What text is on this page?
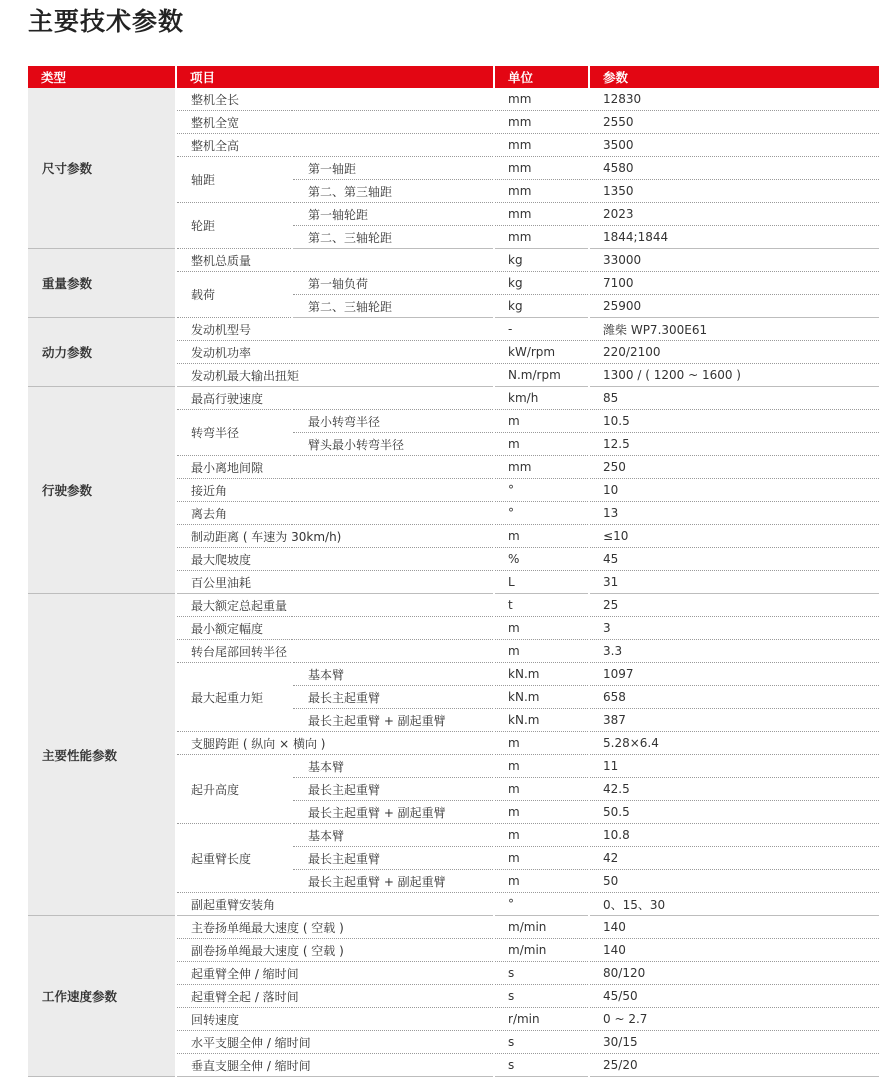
主要技术参数
类型	项目		单位	参数
尺寸参数	整机全长		mm	12830
	整机全宽		mm	2550
	整机全高		mm	3500
	轴距	第一轴距	mm	4580
		第二、第三轴距	mm	1350
	轮距	第一轴轮距	mm	2023
		第二、三轴轮距	mm	1844;1844
重量参数	整机总质量		kg	33000
	载荷	第一轴负荷	kg	7100
		第二、三轴轮距	kg	25900
动力参数	发动机型号		-	潍柴 WP7.300E61
	发动机功率		kW/rpm	220/2100
	发动机最大输出扭矩		N.m/rpm	1300 / ( 1200 ~ 1600 )
行驶参数	最高行驶速度		km/h	85
	转弯半径	最小转弯半径	m	10.5
		臂头最小转弯半径	m	12.5
	最小离地间隙		mm	250
	接近角		°	10
	离去角		°	13
	制动距离 ( 车速为 30km/h)		m	≤10
	最大爬坡度		%	45
	百公里油耗		L	31
主要性能参数	最大额定总起重量		t	25
	最小额定幅度		m	3
	转台尾部回转半径		m	3.3
	最大起重力矩	基本臂	kN.m	1097
		最长主起重臂	kN.m	658
		最长主起重臂 + 副起重臂	kN.m	387
	支腿跨距 ( 纵向 × 横向 )		m	5.28×6.4
	起升高度	基本臂	m	11
		最长主起重臂	m	42.5
		最长主起重臂 + 副起重臂	m	50.5
	起重臂长度	基本臂	m	10.8
		最长主起重臂	m	42
		最长主起重臂 + 副起重臂	m	50
	副起重臂安装角		°	0、15、30
工作速度参数	主卷扬单绳最大速度 ( 空载 )		m/min	140
	副卷扬单绳最大速度 ( 空载 )		m/min	140
	起重臂全伸 / 缩时间		s	80/120
	起重臂全起 / 落时间		s	45/50
	回转速度		r/min	0 ~ 2.7
	水平支腿全伸 / 缩时间		s	30/15
	垂直支腿全伸 / 缩时间		s	25/20
